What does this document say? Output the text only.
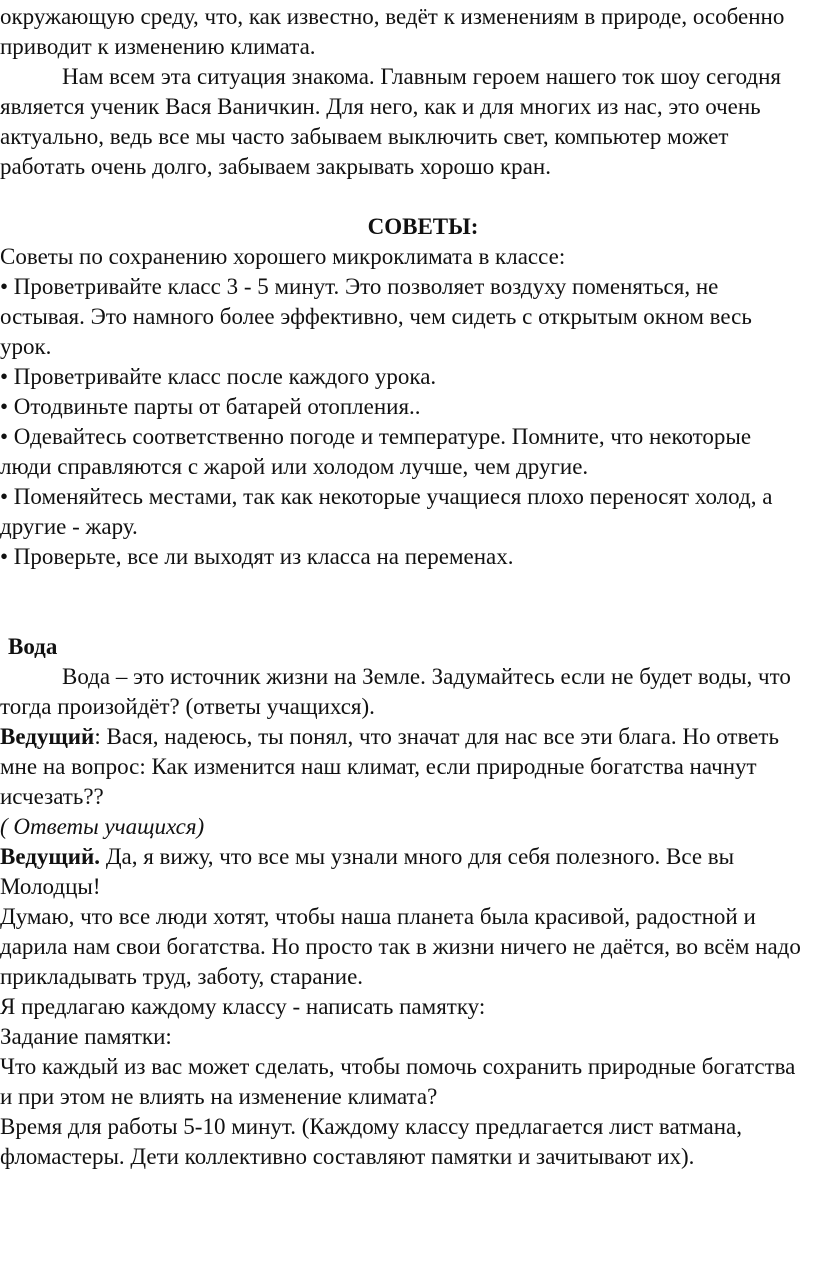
окружающую среду, что, как известно, ведёт к изменениям в природе, особенно приводит к изменению климата.

Нам всем эта ситуация знакома. Главным героем нашего ток шоу сегодня является ученик Вася Ваничкин. Для него, как и для многих из нас, это очень актуально, ведь все мы часто забываем выключить свет, компьютер может работать очень долго, забываем закрывать хорошо кран.

СОВЕТЫ:

Советы по сохранению хорошего микроклимата в классе:

• Проветривайте класс 3 - 5 минут. Это позволяет воздуху поменяться, не остывая. Это намного более эффективно, чем сидеть с открытым окном весь урок.

• Проветривайте класс после каждого урока.

• Отодвиньте парты от батарей отопления..

• Одевайтесь соответственно погоде и температуре. Помните, что некоторые люди справляются с жарой или холодом лучше, чем другие.

• Поменяйтесь местами, так как некоторые учащиеся плохо переносят холод, а другие - жару.

• Проверьте, все ли выходят из класса на переменах.

Вода

Вода – это источник жизни на Земле. Задумайтесь если не будет воды, что тогда произойдёт? (ответы учащихся).

Ведущий: Вася, надеюсь, ты понял, что значат для нас все эти блага. Но ответь мне на вопрос: Как изменится наш климат, если природные богатства начнут исчезать??

( Ответы учащихся)

Ведущий. Да, я вижу, что все мы узнали много для себя полезного. Все вы Молодцы!

Думаю, что все люди хотят, чтобы наша планета была красивой, радостной и дарила нам свои богатства. Но просто так в жизни ничего не даётся, во всём надо прикладывать труд, заботу, старание.

Я предлагаю каждому классу - написать памятку:

Задание памятки:

Что каждый из вас может сделать, чтобы помочь сохранить природные богатства и при этом не влиять на изменение климата?

Время для работы 5-10 минут. (Каждому классу предлагается лист ватмана, фломастеры. Дети коллективно составляют памятки и зачитывают их).
